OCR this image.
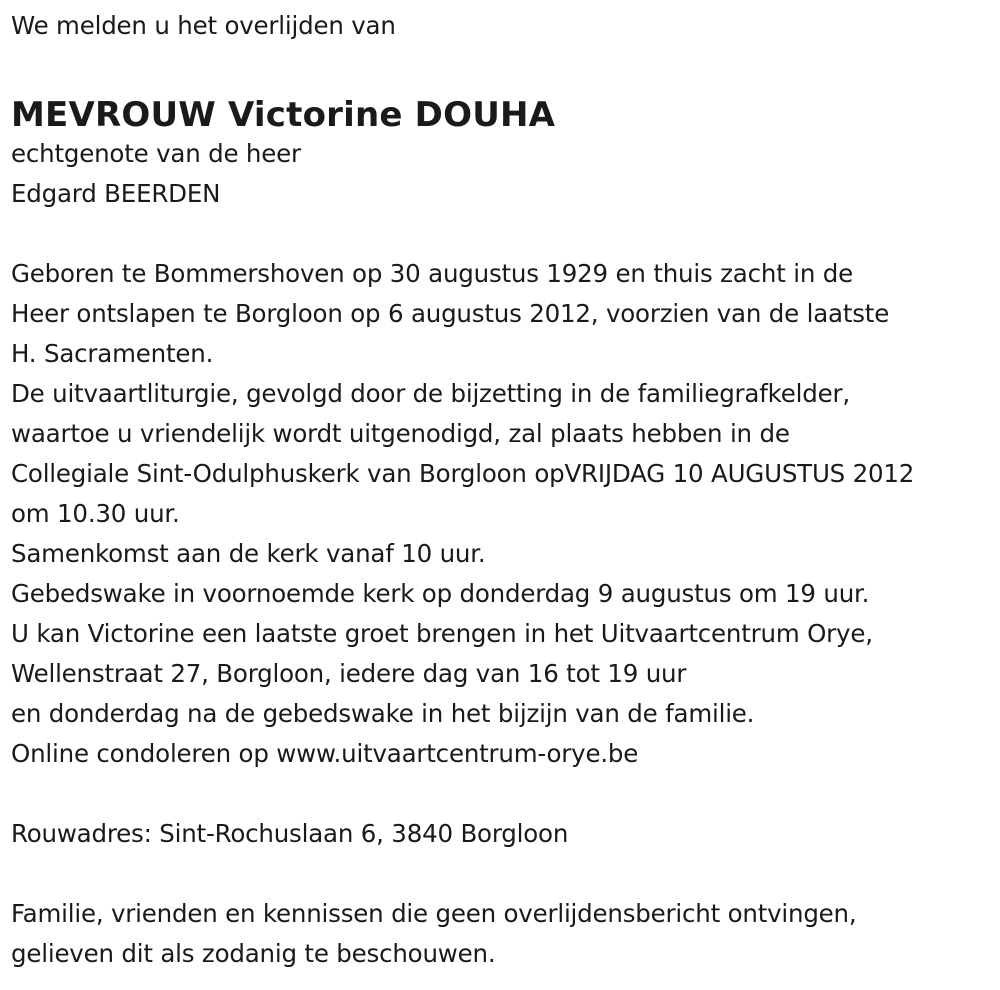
We melden u het overlijden van
MEVROUW Victorine DOUHA
echtgenote van de heer
Edgard BEERDEN
Geboren te Bommershoven op 30 augustus 1929 en thuis zacht in de
Heer ontslapen te Borgloon op 6 augustus 2012, voorzien van de laatste
H. Sacramenten.
De uitvaartliturgie, gevolgd door de bijzetting in de familiegrafkelder,
waartoe u vriendelijk wordt uitgenodigd, zal plaats hebben in de
Collegiale Sint-Odulphuskerk van Borgloon opVRIJDAG 10 AUGUSTUS 2012
om 10.30 uur.
Samenkomst aan de kerk vanaf 10 uur.
Gebedswake in voornoemde kerk op donderdag 9 augustus om 19 uur.
U kan Victorine een laatste groet brengen in het Uitvaartcentrum Orye,
Wellenstraat 27, Borgloon, iedere dag van 16 tot 19 uur
en donderdag na de gebedswake in het bijzijn van de familie.
Online condoleren op www.uitvaartcentrum-orye.be
Rouwadres: Sint-Rochuslaan 6, 3840 Borgloon
Familie, vrienden en kennissen die geen overlijdensbericht ontvingen,
gelieven dit als zodanig te beschouwen.
